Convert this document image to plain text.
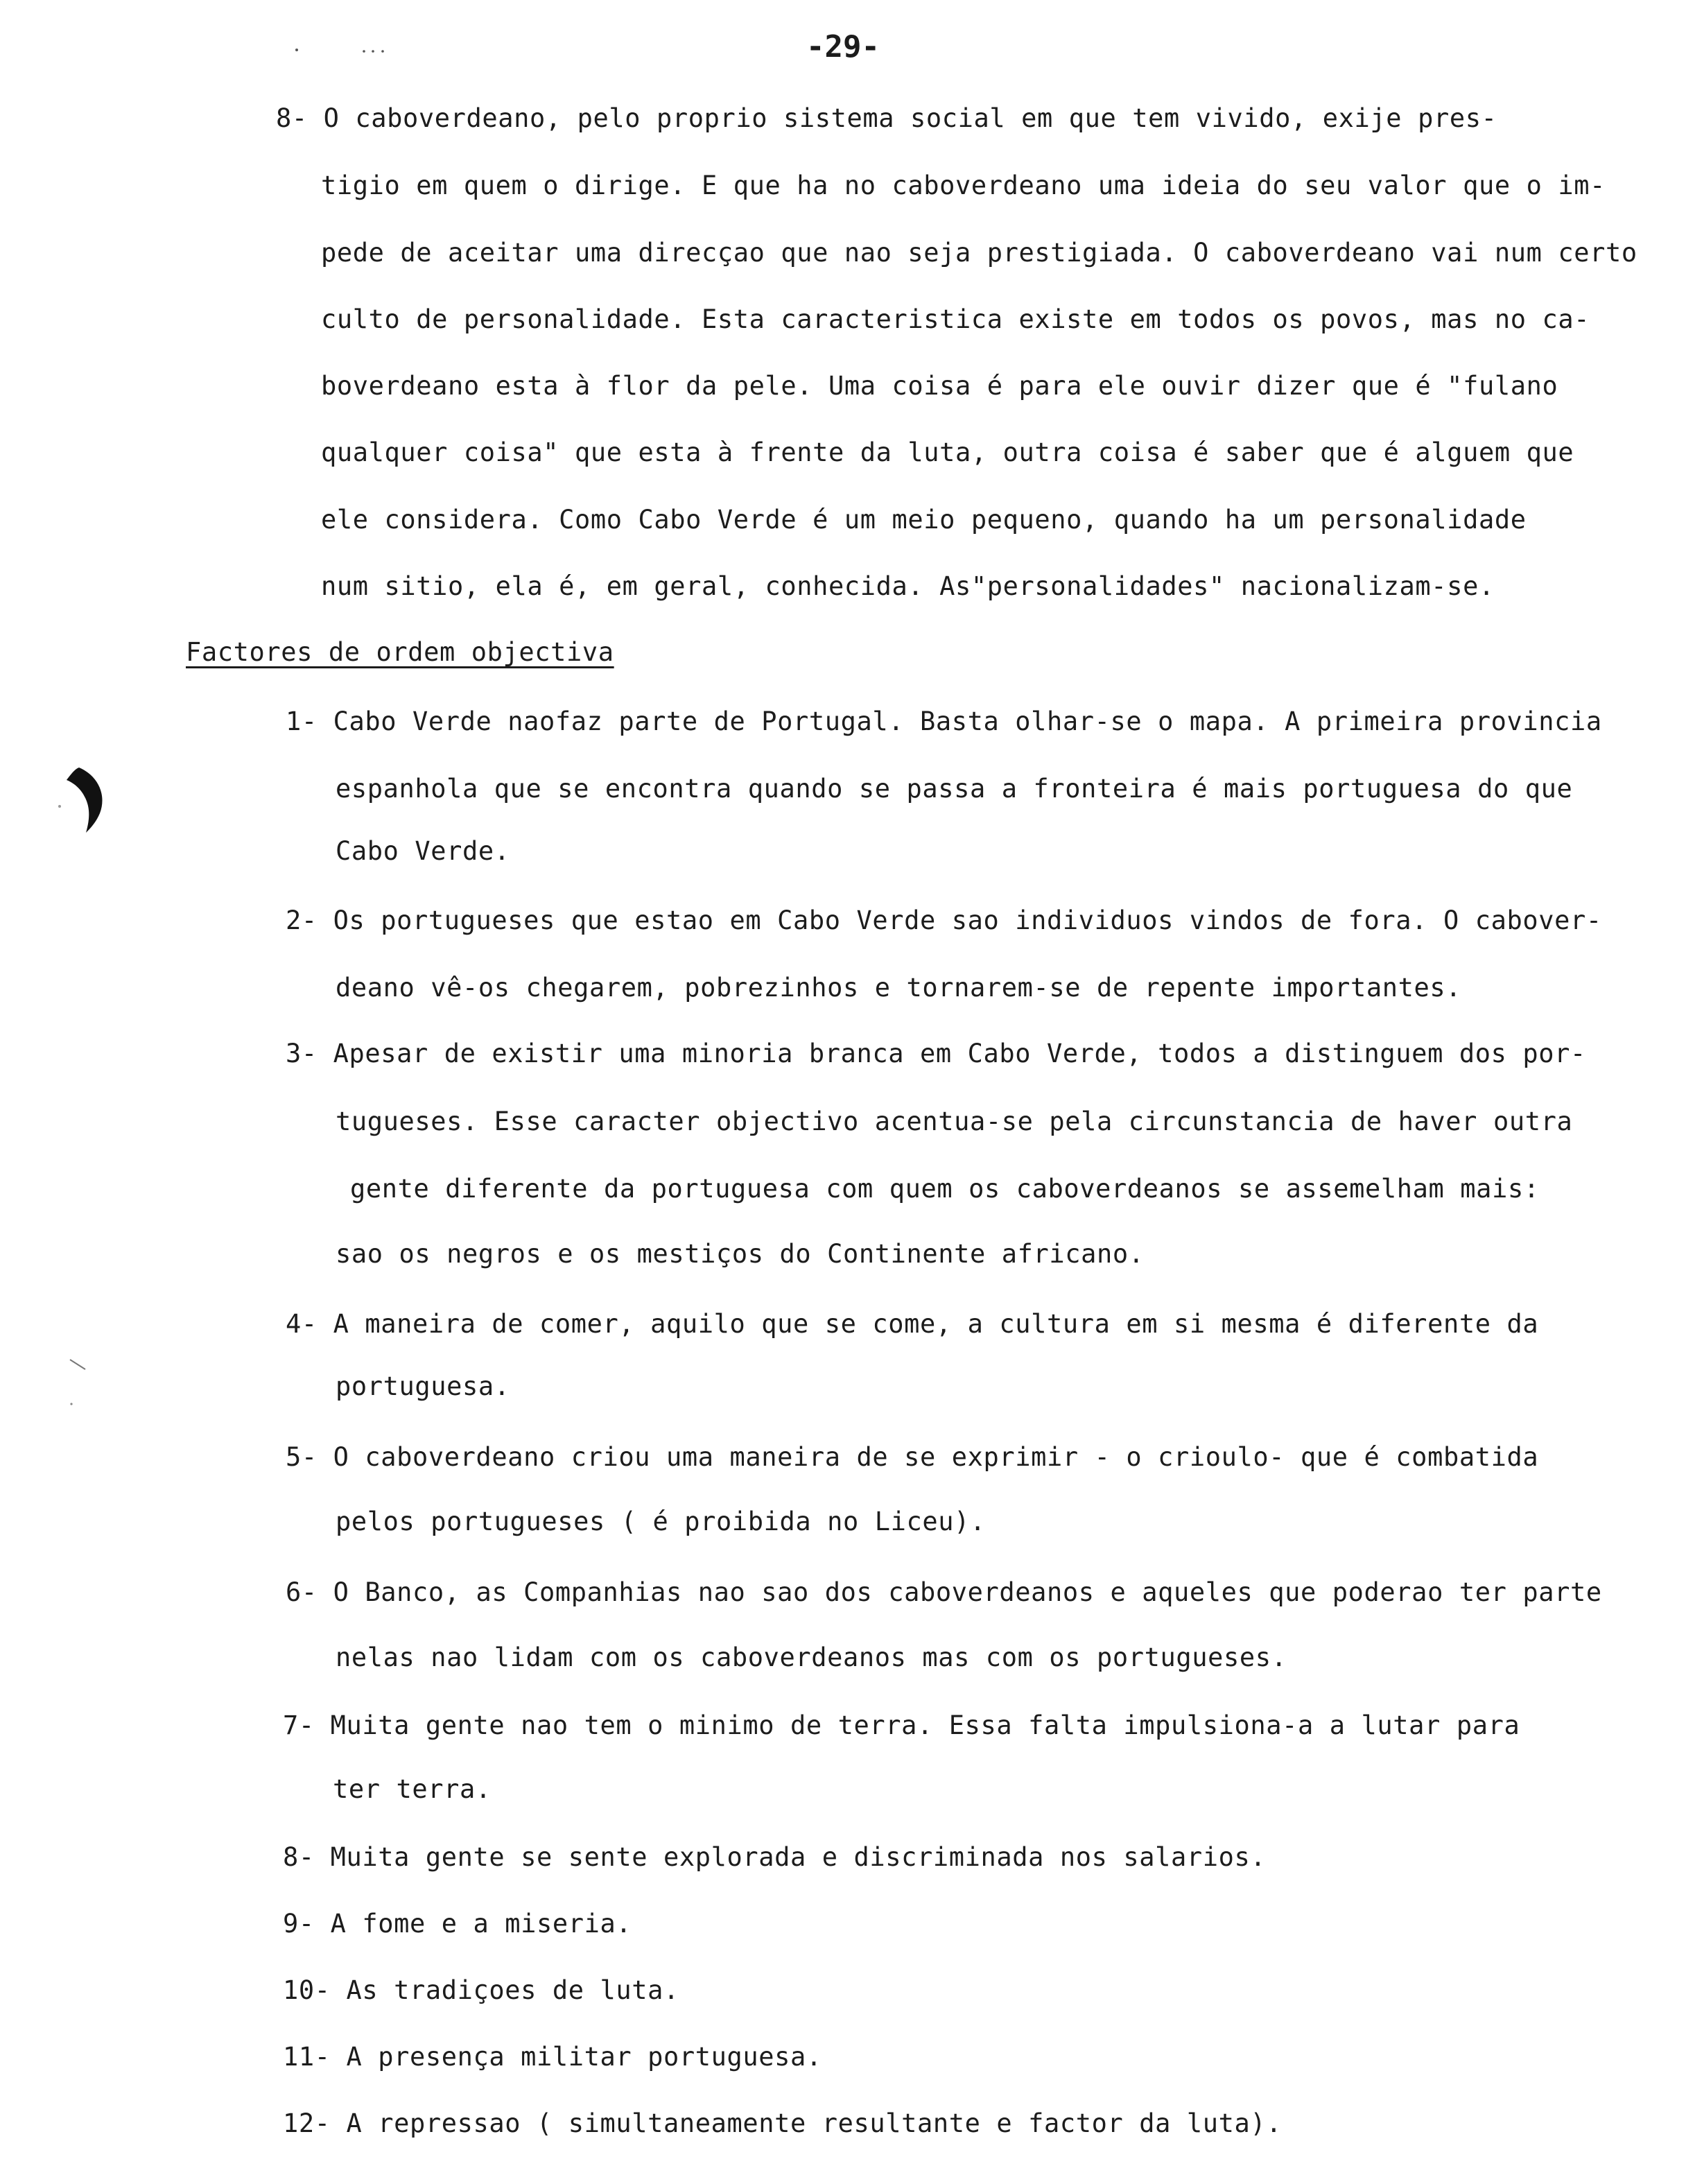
-29-
8- O caboverdeano, pelo proprio sistema social em que tem vivido, exije pres-
tigio em quem o dirige. E que ha no caboverdeano uma ideia do seu valor que o im-
pede de aceitar uma direcçao que nao seja prestigiada. O caboverdeano vai num certo
culto de personalidade. Esta caracteristica existe em todos os povos, mas no ca-
boverdeano esta à flor da pele. Uma coisa é para ele ouvir dizer que é "fulano
qualquer coisa" que esta à frente da luta, outra coisa é saber que é alguem que
ele considera. Como Cabo Verde é um meio pequeno, quando ha um personalidade
num sitio, ela é, em geral, conhecida. As"personalidades" nacionalizam-se.
Factores de ordem objectiva
1- Cabo Verde naofaz parte de Portugal. Basta olhar-se o mapa. A primeira provincia
espanhola que se encontra quando se passa a fronteira é mais portuguesa do que
Cabo Verde.
2- Os portugueses que estao em Cabo Verde sao individuos vindos de fora. O cabover-
deano vê-os chegarem, pobrezinhos e tornarem-se de repente importantes.
3- Apesar de existir uma minoria branca em Cabo Verde, todos a distinguem dos por-
tugueses. Esse caracter objectivo acentua-se pela circunstancia de haver outra
gente diferente da portuguesa com quem os caboverdeanos se assemelham mais:
sao os negros e os mestiços do Continente africano.
4- A maneira de comer, aquilo que se come, a cultura em si mesma é diferente da
portuguesa.
5- O caboverdeano criou uma maneira de se exprimir - o crioulo- que é combatida
pelos portugueses ( é proibida no Liceu).
6- O Banco, as Companhias nao sao dos caboverdeanos e aqueles que poderao ter parte
nelas nao lidam com os caboverdeanos mas com os portugueses.
7- Muita gente nao tem o minimo de terra. Essa falta impulsiona-a a lutar para
ter terra.
8- Muita gente se sente explorada e discriminada nos salarios.
9- A fome e a miseria.
10- As tradiçoes de luta.
11- A presença militar portuguesa.
12- A repressao ( simultaneamente resultante e factor da luta).
